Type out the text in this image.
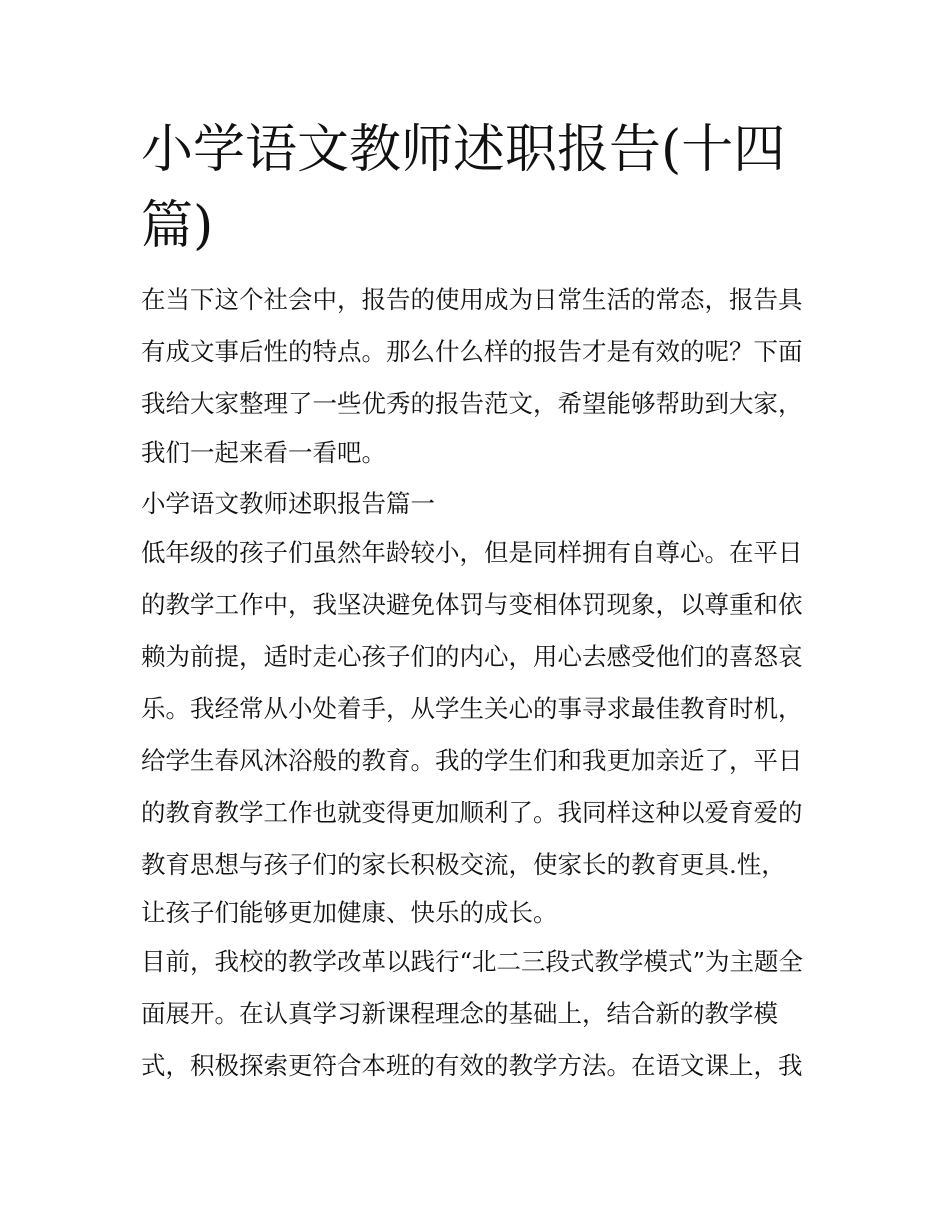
小学语文教师述职报告(十四篇)

在当下这个社会中，报告的使用成为日常生活的常态，报告具

有成文事后性的特点。那么什么样的报告才是有效的呢？下面

我给大家整理了一些优秀的报告范文，希望能够帮助到大家，

我们一起来看一看吧。

小学语文教师述职报告篇一

低年级的孩子们虽然年龄较小，但是同样拥有自尊心。在平日

的教学工作中，我坚决避免体罚与变相体罚现象，以尊重和依

赖为前提，适时走心孩子们的内心，用心去感受他们的喜怒哀

乐。我经常从小处着手，从学生关心的事寻求最佳教育时机，

给学生春风沐浴般的教育。我的学生们和我更加亲近了，平日

的教育教学工作也就变得更加顺利了。我同样这种以爱育爱的

教育思想与孩子们的家长积极交流，使家长的教育更具.性，

让孩子们能够更加健康、快乐的成长。

目前，我校的教学改革以践行“北二三段式教学模式”为主题全

面展开。在认真学习新课程理念的基础上，结合新的教学模

式，积极探索更符合本班的有效的教学方法。在语文课上，我
